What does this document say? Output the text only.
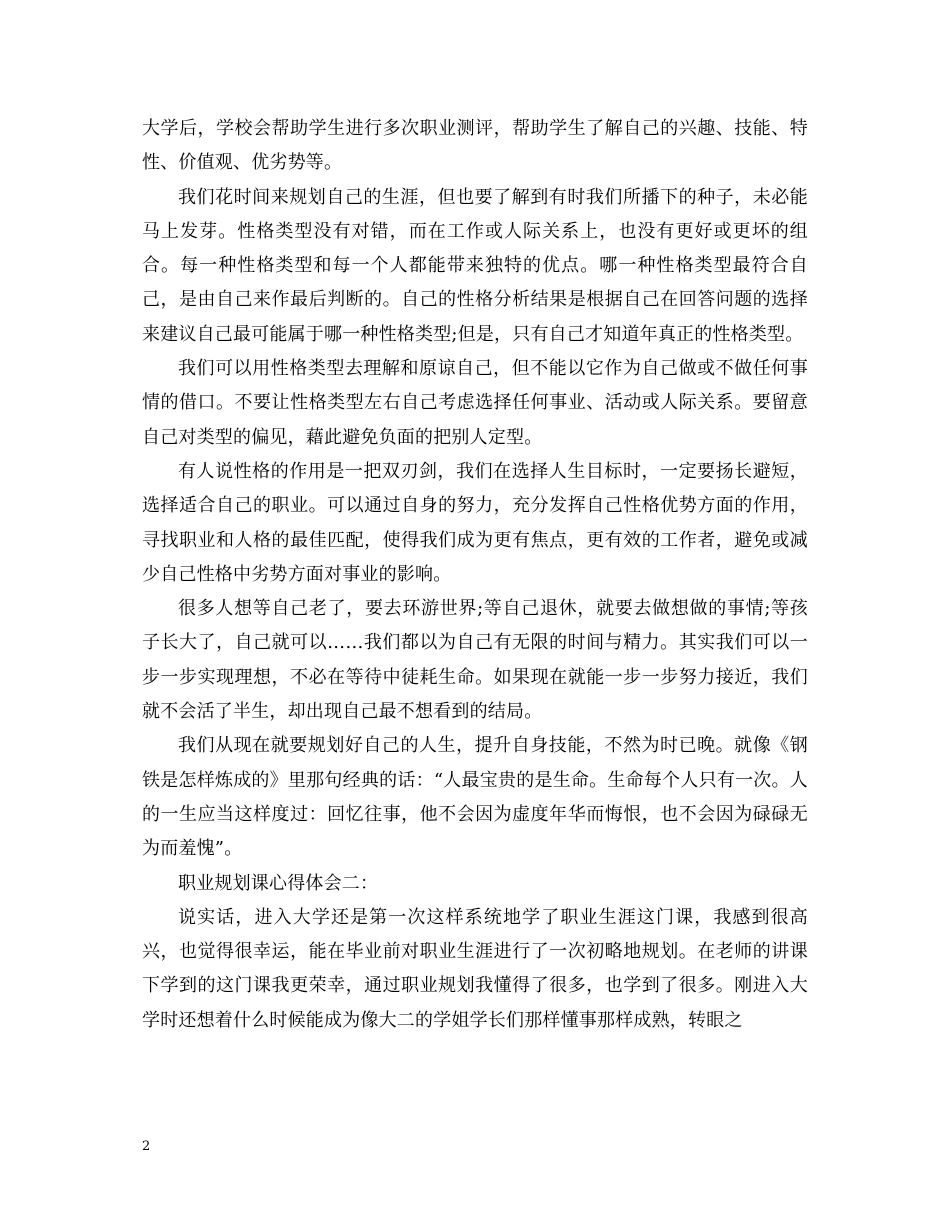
大学后，学校会帮助学生进行多次职业测评，帮助学生了解自己的兴趣、技能、特性、价值观、优劣势等。

我们花时间来规划自己的生涯，但也要了解到有时我们所播下的种子，未必能马上发芽。性格类型没有对错，而在工作或人际关系上，也没有更好或更坏的组合。每一种性格类型和每一个人都能带来独特的优点。哪一种性格类型最符合自己，是由自己来作最后判断的。自己的性格分析结果是根据自己在回答问题的选择来建议自己最可能属于哪一种性格类型;但是，只有自己才知道年真正的性格类型。

我们可以用性格类型去理解和原谅自己，但不能以它作为自己做或不做任何事情的借口。不要让性格类型左右自己考虑选择任何事业、活动或人际关系。要留意自己对类型的偏见，藉此避免负面的把别人定型。

有人说性格的作用是一把双刃剑，我们在选择人生目标时，一定要扬长避短，选择适合自己的职业。可以通过自身的努力，充分发挥自己性格优势方面的作用，寻找职业和人格的最佳匹配，使得我们成为更有焦点，更有效的工作者，避免或减少自己性格中劣势方面对事业的影响。

很多人想等自己老了，要去环游世界;等自己退休，就要去做想做的事情;等孩子长大了，自己就可以……我们都以为自己有无限的时间与精力。其实我们可以一步一步实现理想，不必在等待中徒耗生命。如果现在就能一步一步努力接近，我们就不会活了半生，却出现自己最不想看到的结局。

我们从现在就要规划好自己的人生，提升自身技能，不然为时已晚。就像《钢铁是怎样炼成的》里那句经典的话：“人最宝贵的是生命。生命每个人只有一次。人的一生应当这样度过：回忆往事，他不会因为虚度年华而悔恨，也不会因为碌碌无为而羞愧”。

职业规划课心得体会二：

说实话，进入大学还是第一次这样系统地学了职业生涯这门课，我感到很高兴，也觉得很幸运，能在毕业前对职业生涯进行了一次初略地规划。在老师的讲课下学到的这门课我更荣幸，通过职业规划我懂得了很多，也学到了很多。刚进入大学时还想着什么时候能成为像大二的学姐学长们那样懂事那样成熟，转眼之

2
